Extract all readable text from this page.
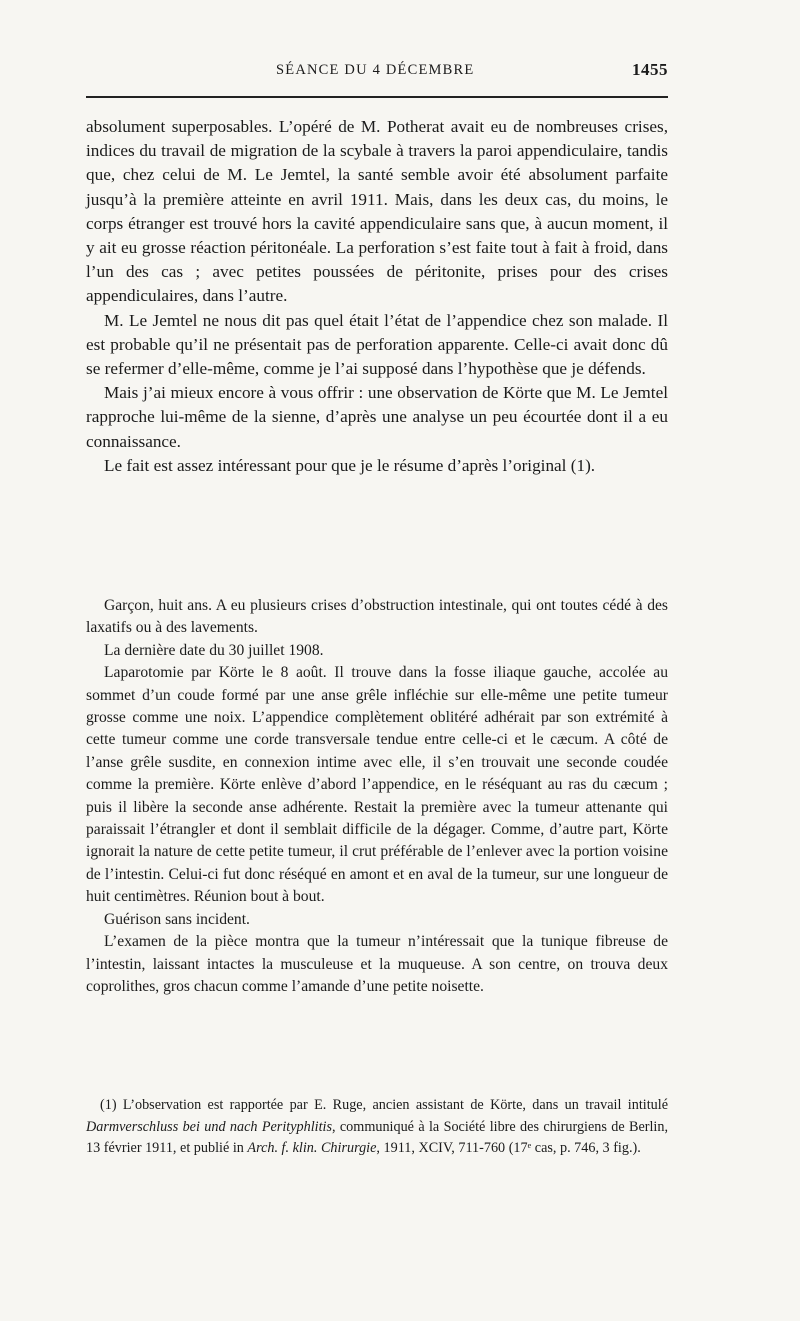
SÉANCE DU 4 DÉCEMBRE	1455

absolument superposables. L’opéré de M. Potherat avait eu de nombreuses crises, indices du travail de migration de la scybale à travers la paroi appendiculaire, tandis que, chez celui de M. Le Jemtel, la santé semble avoir été absolument parfaite jusqu’à la première atteinte en avril 1911. Mais, dans les deux cas, du moins, le corps étranger est trouvé hors la cavité appendiculaire sans que, à aucun moment, il y ait eu grosse réaction péritonéale. La perforation s’est faite tout à fait à froid, dans l’un des cas ; avec petites poussées de péritonite, prises pour des crises appendiculaires, dans l’autre.

M. Le Jemtel ne nous dit pas quel était l’état de l’appendice chez son malade. Il est probable qu’il ne présentait pas de perforation apparente. Celle-ci avait donc dû se refermer d’elle-même, comme je l’ai supposé dans l’hypothèse que je défends.

Mais j’ai mieux encore à vous offrir : une observation de Körte que M. Le Jemtel rapproche lui-même de la sienne, d’après une analyse un peu écourtée dont il a eu connaissance.

Le fait est assez intéressant pour que je le résume d’après l’original (1).

Garçon, huit ans. A eu plusieurs crises d’obstruction intestinale, qui ont toutes cédé à des laxatifs ou à des lavements.

La dernière date du 30 juillet 1908.

Laparotomie par Körte le 8 août. Il trouve dans la fosse iliaque gauche, accolée au sommet d’un coude formé par une anse grêle infléchie sur elle-même une petite tumeur grosse comme une noix. L’appendice complètement oblitéré adhérait par son extrémité à cette tumeur comme une corde transversale tendue entre celle-ci et le cæcum. A côté de l’anse grêle susdite, en connexion intime avec elle, il s’en trouvait une seconde coudée comme la première. Körte enlève d’abord l’appendice, en le réséquant au ras du cæcum ; puis il libère la seconde anse adhérente. Restait la première avec la tumeur attenante qui paraissait l’étrangler et dont il semblait difficile de la dégager. Comme, d’autre part, Körte ignorait la nature de cette petite tumeur, il crut préférable de l’enlever avec la portion voisine de l’intestin. Celui-ci fut donc réséqué en amont et en aval de la tumeur, sur une longueur de huit centimètres. Réunion bout à bout.

Guérison sans incident.

L’examen de la pièce montra que la tumeur n’intéressait que la tunique fibreuse de l’intestin, laissant intactes la musculeuse et la muqueuse. A son centre, on trouva deux coprolithes, gros chacun comme l’amande d’une petite noisette.

(1) L’observation est rapportée par E. Ruge, ancien assistant de Körte, dans un travail intitulé Darmverschluss bei und nach Perityphlitis, communiqué à la Société libre des chirurgiens de Berlin, 13 février 1911, et publié in Arch. f. klin. Chirurgie, 1911, XCIV, 711-760 (17ᵉ cas, p. 746, 3 fig.).
